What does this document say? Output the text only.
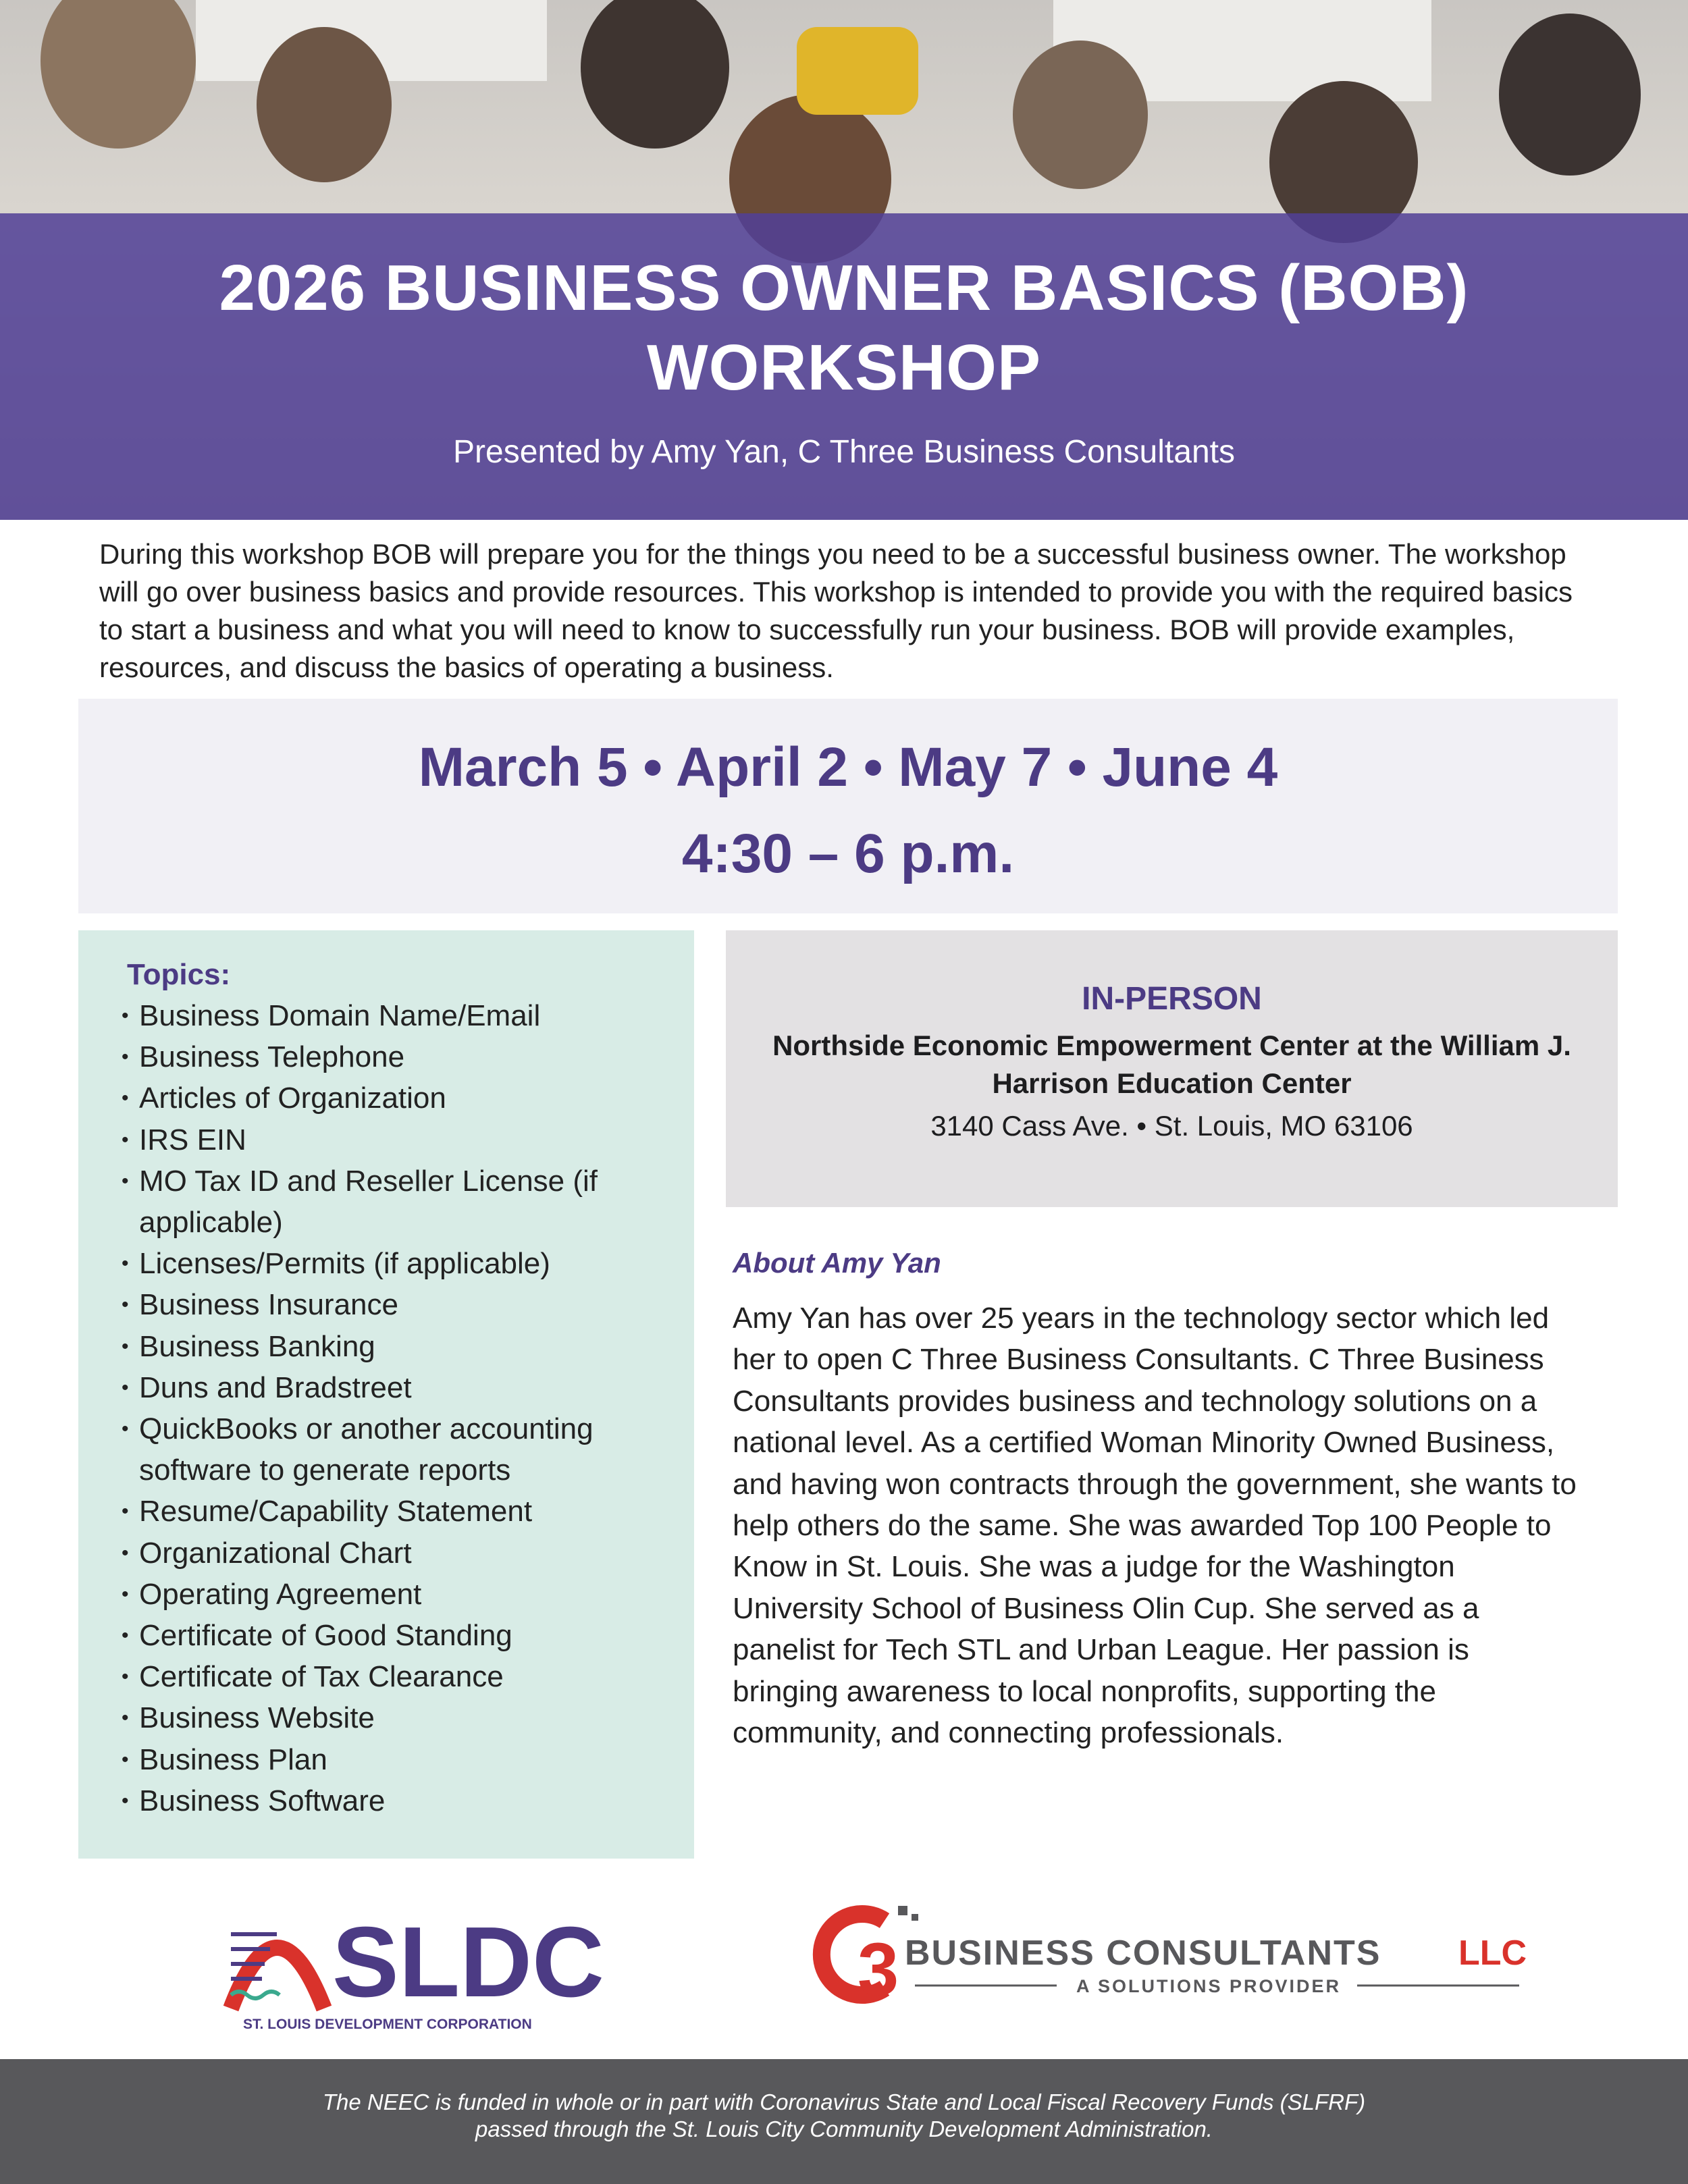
2026 BUSINESS OWNER BASICS (BOB) WORKSHOP
Presented by Amy Yan, C Three Business Consultants

During this workshop BOB will prepare you for the things you need to be a successful business owner. The workshop will go over business basics and provide resources. This workshop is intended to provide you with the required basics to start a business and what you will need to know to successfully run your business. BOB will provide examples, resources, and discuss the basics of operating a business.

March 5 • April 2 • May 7 • June 4
4:30 – 6 p.m.
Topics:
• Business Domain Name/Email
• Business Telephone
• Articles of Organization
• IRS EIN
• MO Tax ID and Reseller License (if applicable)
• Licenses/Permits (if applicable)
• Business Insurance
• Business Banking
• Duns and Bradstreet
• QuickBooks or another accounting software to generate reports
• Resume/Capability Statement
• Organizational Chart
• Operating Agreement
• Certificate of Good Standing
• Certificate of Tax Clearance
• Business Website
• Business Plan
• Business Software
IN-PERSON
Northside Economic Empowerment Center at the William J. Harrison Education Center
3140 Cass Ave. • St. Louis, MO 63106
About Amy Yan

Amy Yan has over 25 years in the technology sector which led her to open C Three Business Consultants. C Three Business Consultants provides business and technology solutions on a national level. As a certified Woman Minority Owned Business, and having won contracts through the government, she wants to help others do the same. She was awarded Top 100 People to Know in St. Louis. She was a judge for the Washington University School of Business Olin Cup. She served as a panelist for Tech STL and Urban League. Her passion is bringing awareness to local nonprofits, supporting the community, and connecting professionals.

SLDC
ST. LOUIS DEVELOPMENT CORPORATION
3 BUSINESS CONSULTANTS LLC
A SOLUTIONS PROVIDER
The NEEC is funded in whole or in part with Coronavirus State and Local Fiscal Recovery Funds (SLFRF)
passed through the St. Louis City Community Development Administration.
